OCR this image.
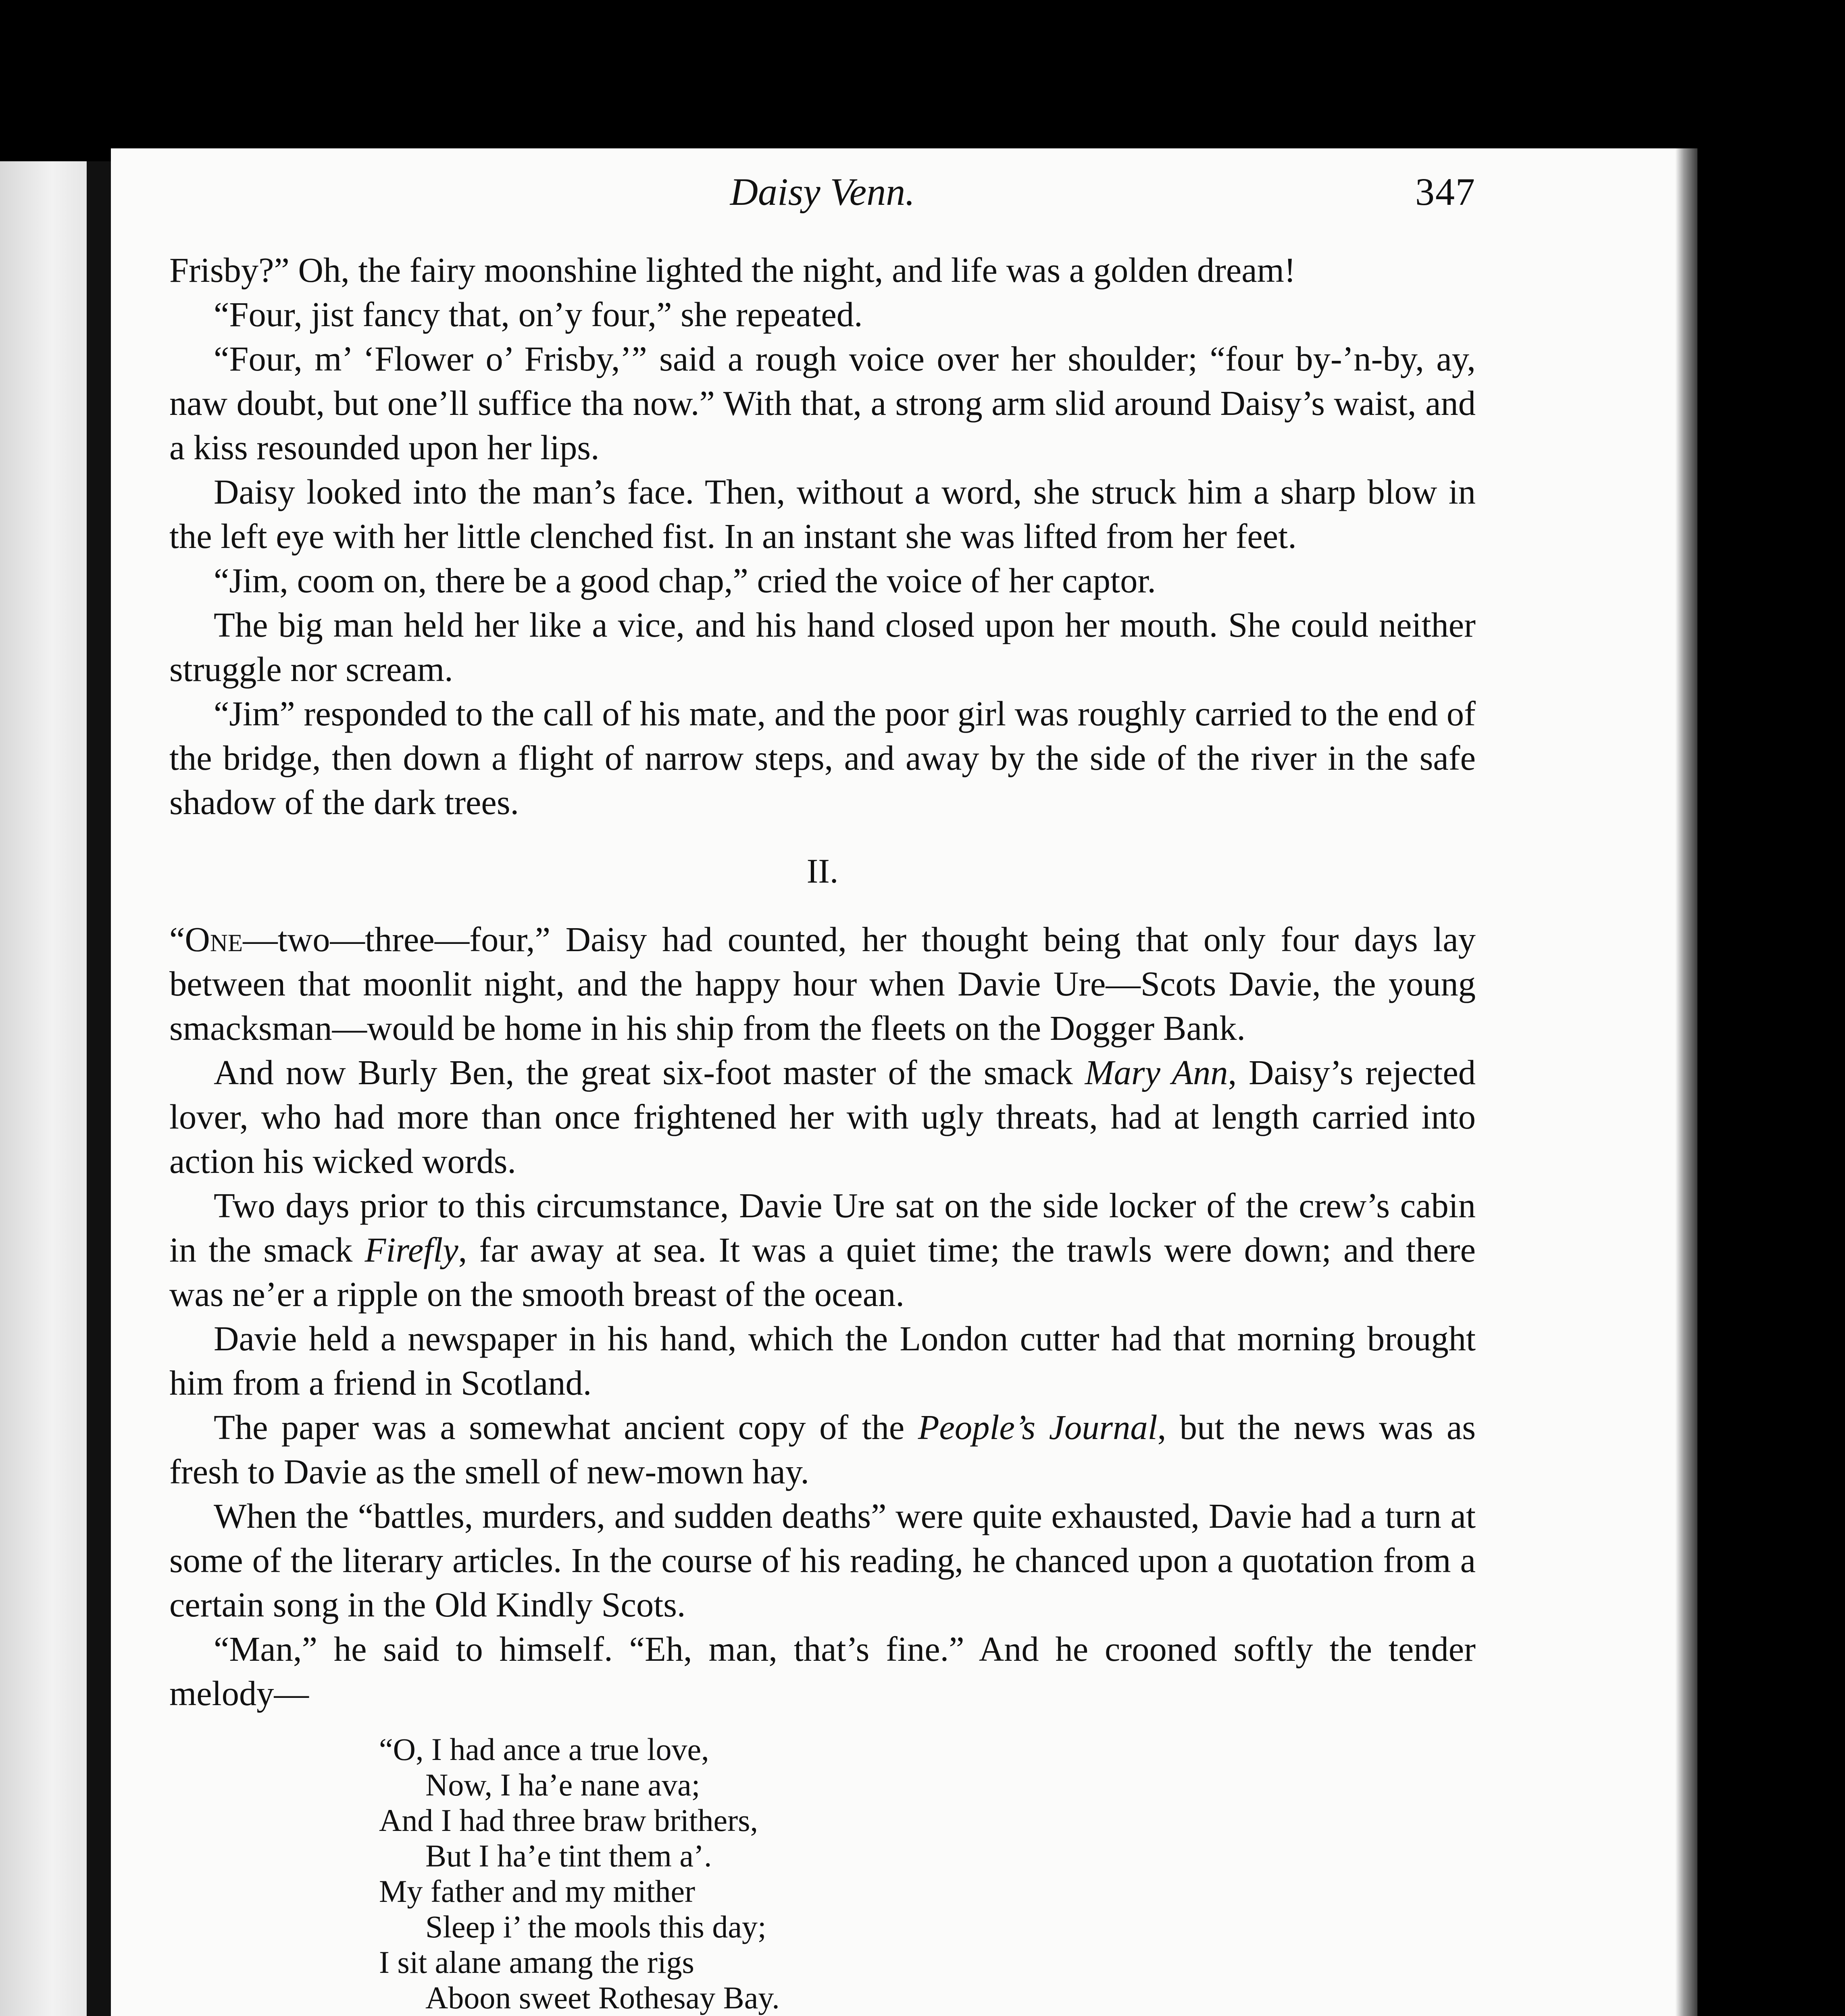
Daisy Venn.	347

Frisby?” Oh, the fairy moonshine lighted the night, and life was a golden dream!

“Four, jist fancy that, on’y four,” she repeated.

“Four, m’ ‘Flower o’ Frisby,’” said a rough voice over her shoulder; “four by-’n-by, ay, naw doubt, but one’ll suffice tha now.” With that, a strong arm slid around Daisy’s waist, and a kiss resounded upon her lips.

Daisy looked into the man’s face. Then, without a word, she struck him a sharp blow in the left eye with her little clenched fist. In an instant she was lifted from her feet.

“Jim, coom on, there be a good chap,” cried the voice of her captor.

The big man held her like a vice, and his hand closed upon her mouth. She could neither struggle nor scream.

“Jim” responded to the call of his mate, and the poor girl was roughly carried to the end of the bridge, then down a flight of narrow steps, and away by the side of the river in the safe shadow of the dark trees.

II.

“One—two—three—four,” Daisy had counted, her thought being that only four days lay between that moonlit night, and the happy hour when Davie Ure—Scots Davie, the young smacksman—would be home in his ship from the fleets on the Dogger Bank.

And now Burly Ben, the great six-foot master of the smack Mary Ann, Daisy’s rejected lover, who had more than once frightened her with ugly threats, had at length carried into action his wicked words.

Two days prior to this circumstance, Davie Ure sat on the side locker of the crew’s cabin in the smack Firefly, far away at sea. It was a quiet time; the trawls were down; and there was ne’er a ripple on the smooth breast of the ocean.

Davie held a newspaper in his hand, which the London cutter had that morning brought him from a friend in Scotland.

The paper was a somewhat ancient copy of the People’s Journal, but the news was as fresh to Davie as the smell of new-mown hay.

When the “battles, murders, and sudden deaths” were quite exhausted, Davie had a turn at some of the literary articles. In the course of his reading, he chanced upon a quotation from a certain song in the Old Kindly Scots.

“Man,” he said to himself. “Eh, man, that’s fine.” And he crooned softly the tender melody—

“O, I had ance a true love,
Now, I ha’e nane ava;
And I had three braw brithers,
But I ha’e tint them a’.
My father and my mither
Sleep i’ the mools this day;
I sit alane amang the rigs
Aboon sweet Rothesay Bay.
